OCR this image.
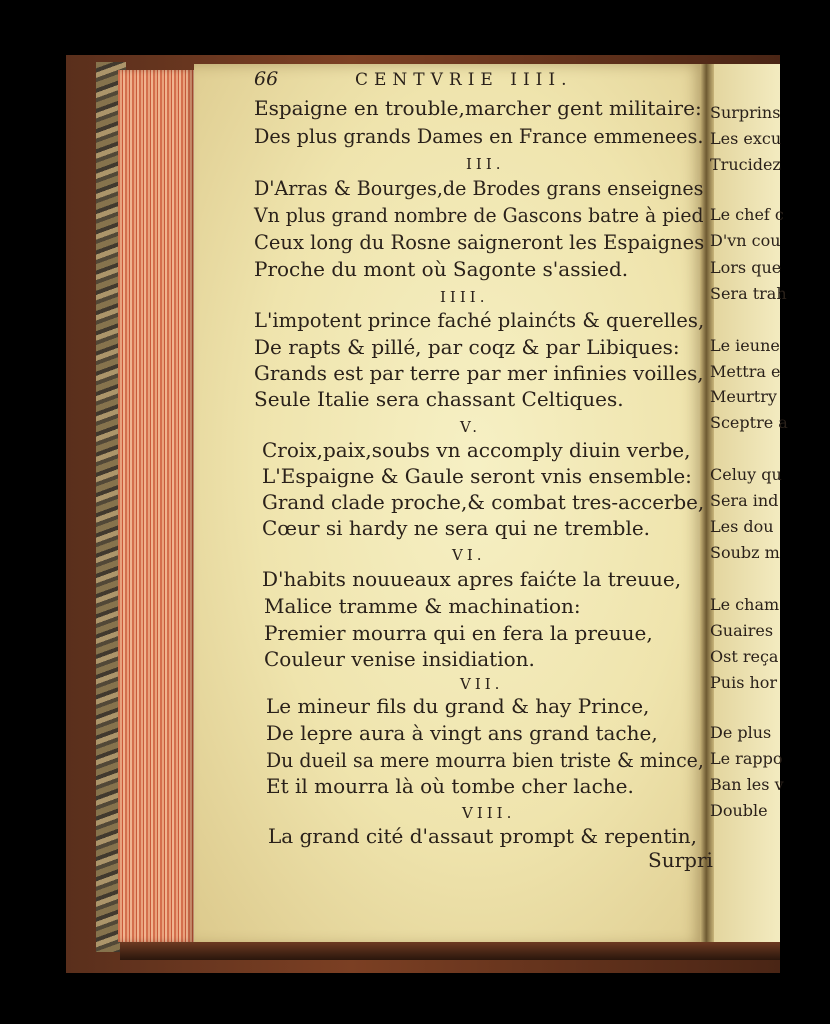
66	CENTVRIE IIII.
Espaigne en trouble,marcher gent militaire:
Des plus grands Dames en France emmenees.
III.
D'Arras & Bourges,de Brodes grans enseignes
Vn plus grand nombre de Gascons batre à pied
Ceux long du Rosne saigneront les Espaignes
Proche du mont où Sagonte s'assied.
IIII.
L'impotent prince faché plainćts & querelles,
De rapts & pillé, par coqz & par Libiques:
Grands est par terre par mer infinies voilles,
Seule Italie sera chassant Celtiques.
V.
Croix,paix,soubs vn accomply diuin verbe,
L'Espaigne & Gaule seront vnis ensemble:
Grand clade proche,& combat tres-accerbe,
Cœur si hardy ne sera qui ne tremble.
VI.
D'habits nouueaux apres faićte la treuue,
Malice tramme & machination:
Premier mourra qui en fera la preuue,
Couleur venise insidiation.
VII.
Le mineur fils du grand & hay Prince,
De lepre aura à vingt ans grand tache,
Du dueil sa mere mourra bien triste & mince,
Et il mourra là où tombe cher lache.
VIII.
La grand cité d'assaut prompt & repentin,
Surpri
Surprins
Les excu
Trucidez
Le chef c
D'vn cou
Lors que
Sera trah
Le ieune
Mettra e
Meurtry
Sceptre a
Celuy qu
Sera ind
Les dou
Soubz m
Le cham
Guaires
Ost reça
Puis hor
De plus
Le rappo
Ban les v
Double
